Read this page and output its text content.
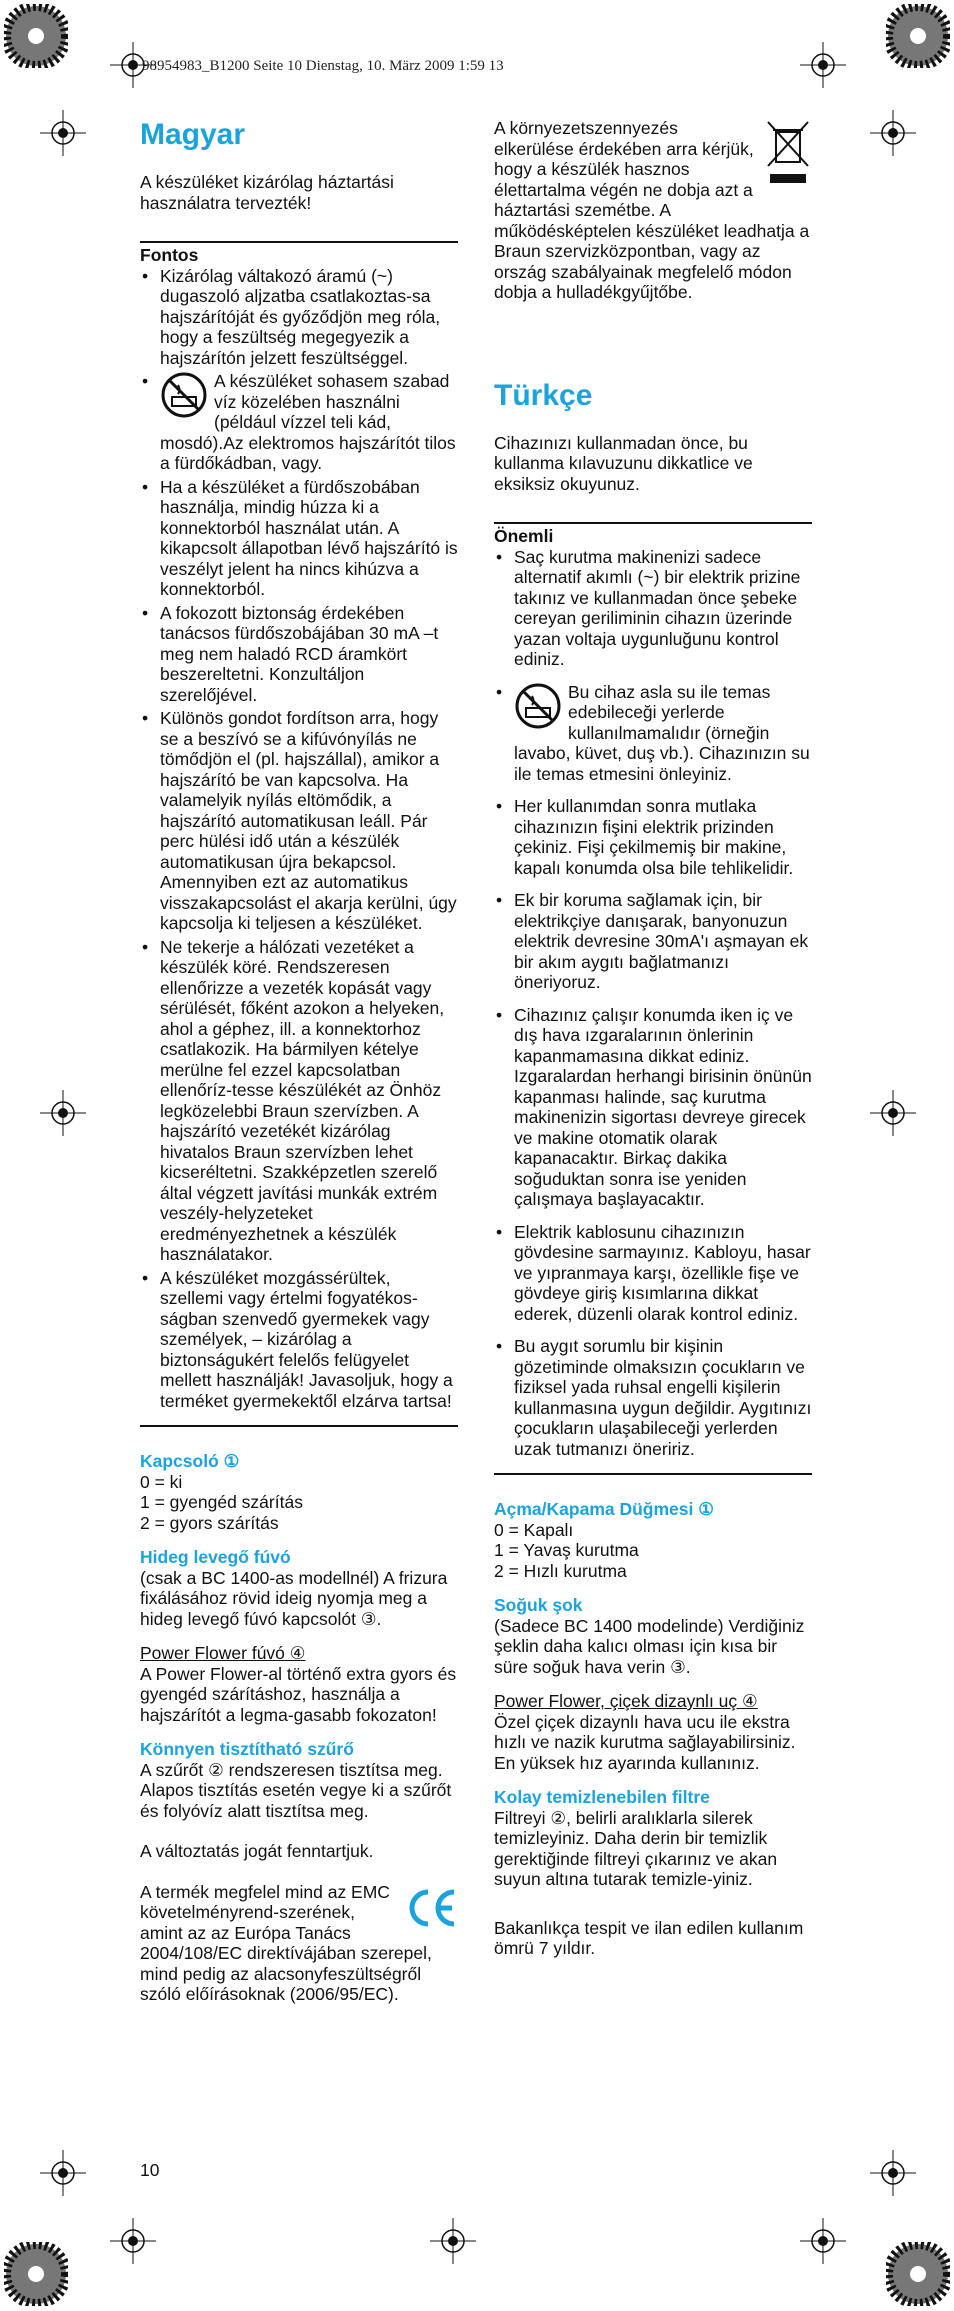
98954983_B1200 Seite 10 Dienstag, 10. März 2009 1:59 13
Magyar

A készüléket kizárólag háztartási használatra tervezték!

Fontos

• Kizárólag váltakozó áramú (~) dugaszoló aljzatba csatlakoztas-sa hajszárítóját és győződjön meg róla, hogy a feszültség megegyezik a hajszárítón jelzett feszültséggel.
• A készüléket sohasem szabad víz közelében használni (például vízzel teli kád, mosdó).Az elektromos hajszárítót tilos a fürdőkádban, vagy.
• Ha a készüléket a fürdőszobában használja, mindig húzza ki a konnektorból használat után. A kikapcsolt állapotban lévő hajszárító is veszélyt jelent ha nincs kihúzva a konnektorból.
• A fokozott biztonság érdekében tanácsos fürdőszobájában 30 mA –t meg nem haladó RCD áramkört beszereltetni. Konzultáljon szerelőjével.
• Különös gondot fordítson arra, hogy se a beszívó se a kifúvónyílás ne tömődjön el (pl. hajszállal), amikor a hajszárító be van kapcsolva. Ha valamelyik nyílás eltömődik, a hajszárító automatikusan leáll. Pár perc hülési idő után a készülék automatikusan újra bekapcsol. Amennyiben ezt az automatikus visszakapcsolást el akarja kerülni, úgy kapcsolja ki teljesen a készüléket.
• Ne tekerje a hálózati vezetéket a készülék köré. Rendszeresen ellenőrizze a vezeték kopását vagy sérülését, főként azokon a helyeken, ahol a géphez, ill. a konnektorhoz csatlakozik. Ha bármilyen kételye merülne fel ezzel kapcsolatban ellenőríz-tesse készülékét az Önhöz legközelebbi Braun szervízben. A hajszárító vezetékét kizárólag hivatalos Braun szervízben lehet kicseréltetni. Szakképzetlen szerelő által végzett javítási munkák extrém veszély-helyzeteket eredményezhetnek a készülék használatakor.
• A készüléket mozgássérültek, szellemi vagy értelmi fogyatékos-ságban szenvedő gyermekek vagy személyek, – kizárólag a biztonságukért felelős felügyelet mellett használják! Javasoljuk, hogy a terméket gyermekektől elzárva tartsa!

Kapcsoló ①

0 = ki

1 = gyengéd szárítás

2 = gyors szárítás

Hideg levegő fúvó

(csak a BC 1400-as modellnél) A frizura fixálásához rövid ideig nyomja meg a hideg levegő fúvó kapcsolót ③.

Power Flower fúvó ④

A Power Flower-al történő extra gyors és gyengéd szárításhoz, használja a hajszárítót a legma-gasabb fokozaton!

Könnyen tisztítható szűrő

A szűrőt ② rendszeresen tisztítsa meg. Alapos tisztítás esetén vegye ki a szűrőt és folyóvíz alatt tisztítsa meg.

A változtatás jogát fenntartjuk.

A termék megfelel mind az EMC követelményrend-szerének, amint az az Európa Tanács 2004/108/EC direktívájában szerepel, mind pedig az alacsonyfeszültségről szóló előírásoknak (2006/95/EC).

A környezetszennyezés elkerülése érdekében arra kérjük, hogy a készülék hasznos élettartalma végén ne dobja azt a háztartási szemétbe. A működésképtelen készüléket leadhatja a Braun szervizközpontban, vagy az ország szabályainak megfelelő módon dobja a hulladékgyűjtőbe.

Türkçe

Cihazınızı kullanmadan önce, bu kullanma kılavuzunu dikkatlice ve eksiksiz okuyunuz.

Önemli

• Saç kurutma makinenizi sadece alternatif akımlı (~) bir elektrik prizine takınız ve kullanmadan önce şebeke cereyan geriliminin cihazın üzerinde yazan voltaja uygunluğunu kontrol ediniz.
• Bu cihaz asla su ile temas edebileceği yerlerde kullanılmamalıdır (örneğin lavabo, küvet, duş vb.). Cihazınızın su ile temas etmesini önleyiniz.
• Her kullanımdan sonra mutlaka cihazınızın fişini elektrik prizinden çekiniz. Fişi çekilmemiş bir makine, kapalı konumda olsa bile tehlikelidir.
• Ek bir koruma sağlamak için, bir elektrikçiye danışarak, banyonuzun elektrik devresine 30mA'ı aşmayan ek bir akım aygıtı bağlatmanızı öneriyoruz.
• Cihazınız çalışır konumda iken iç ve dış hava ızgaralarının önlerinin kapanmamasına dikkat ediniz. Izgaralardan herhangi birisinin önünün kapanması halinde, saç kurutma makinenizin sigortası devreye girecek ve makine otomatik olarak kapanacaktır. Birkaç dakika soğuduktan sonra ise yeniden çalışmaya başlayacaktır.
• Elektrik kablosunu cihazınızın gövdesine sarmayınız. Kabloyu, hasar ve yıpranmaya karşı, özellikle fişe ve gövdeye giriş kısımlarına dikkat ederek, düzenli olarak kontrol ediniz.
• Bu aygıt sorumlu bir kişinin gözetiminde olmaksızın çocukların ve fiziksel yada ruhsal engelli kişilerin kullanmasına uygun değildir. Aygıtınızı çocukların ulaşabileceği yerlerden uzak tutmanızı öneririz.

Açma/Kapama Düğmesi ①

0 = Kapalı

1 = Yavaş kurutma

2 = Hızlı kurutma

Soğuk şok

(Sadece BC 1400 modelinde) Verdiğiniz şeklin daha kalıcı olması için kısa bir süre soğuk hava verin ③.

Power Flower, çiçek dizaynlı uç ④

Özel çiçek dizaynlı hava ucu ile ekstra hızlı ve nazik kurutma sağlayabilirsiniz. En yüksek hız ayarında kullanınız.

Kolay temizlenebilen filtre

Filtreyi ②, belirli aralıklarla silerek temizleyiniz. Daha derin bir temizlik gerektiğinde filtreyi çıkarınız ve akan suyun altına tutarak temizle-yiniz.

Bakanlıkça tespit ve ilan edilen kullanım ömrü 7 yıldır.

10
